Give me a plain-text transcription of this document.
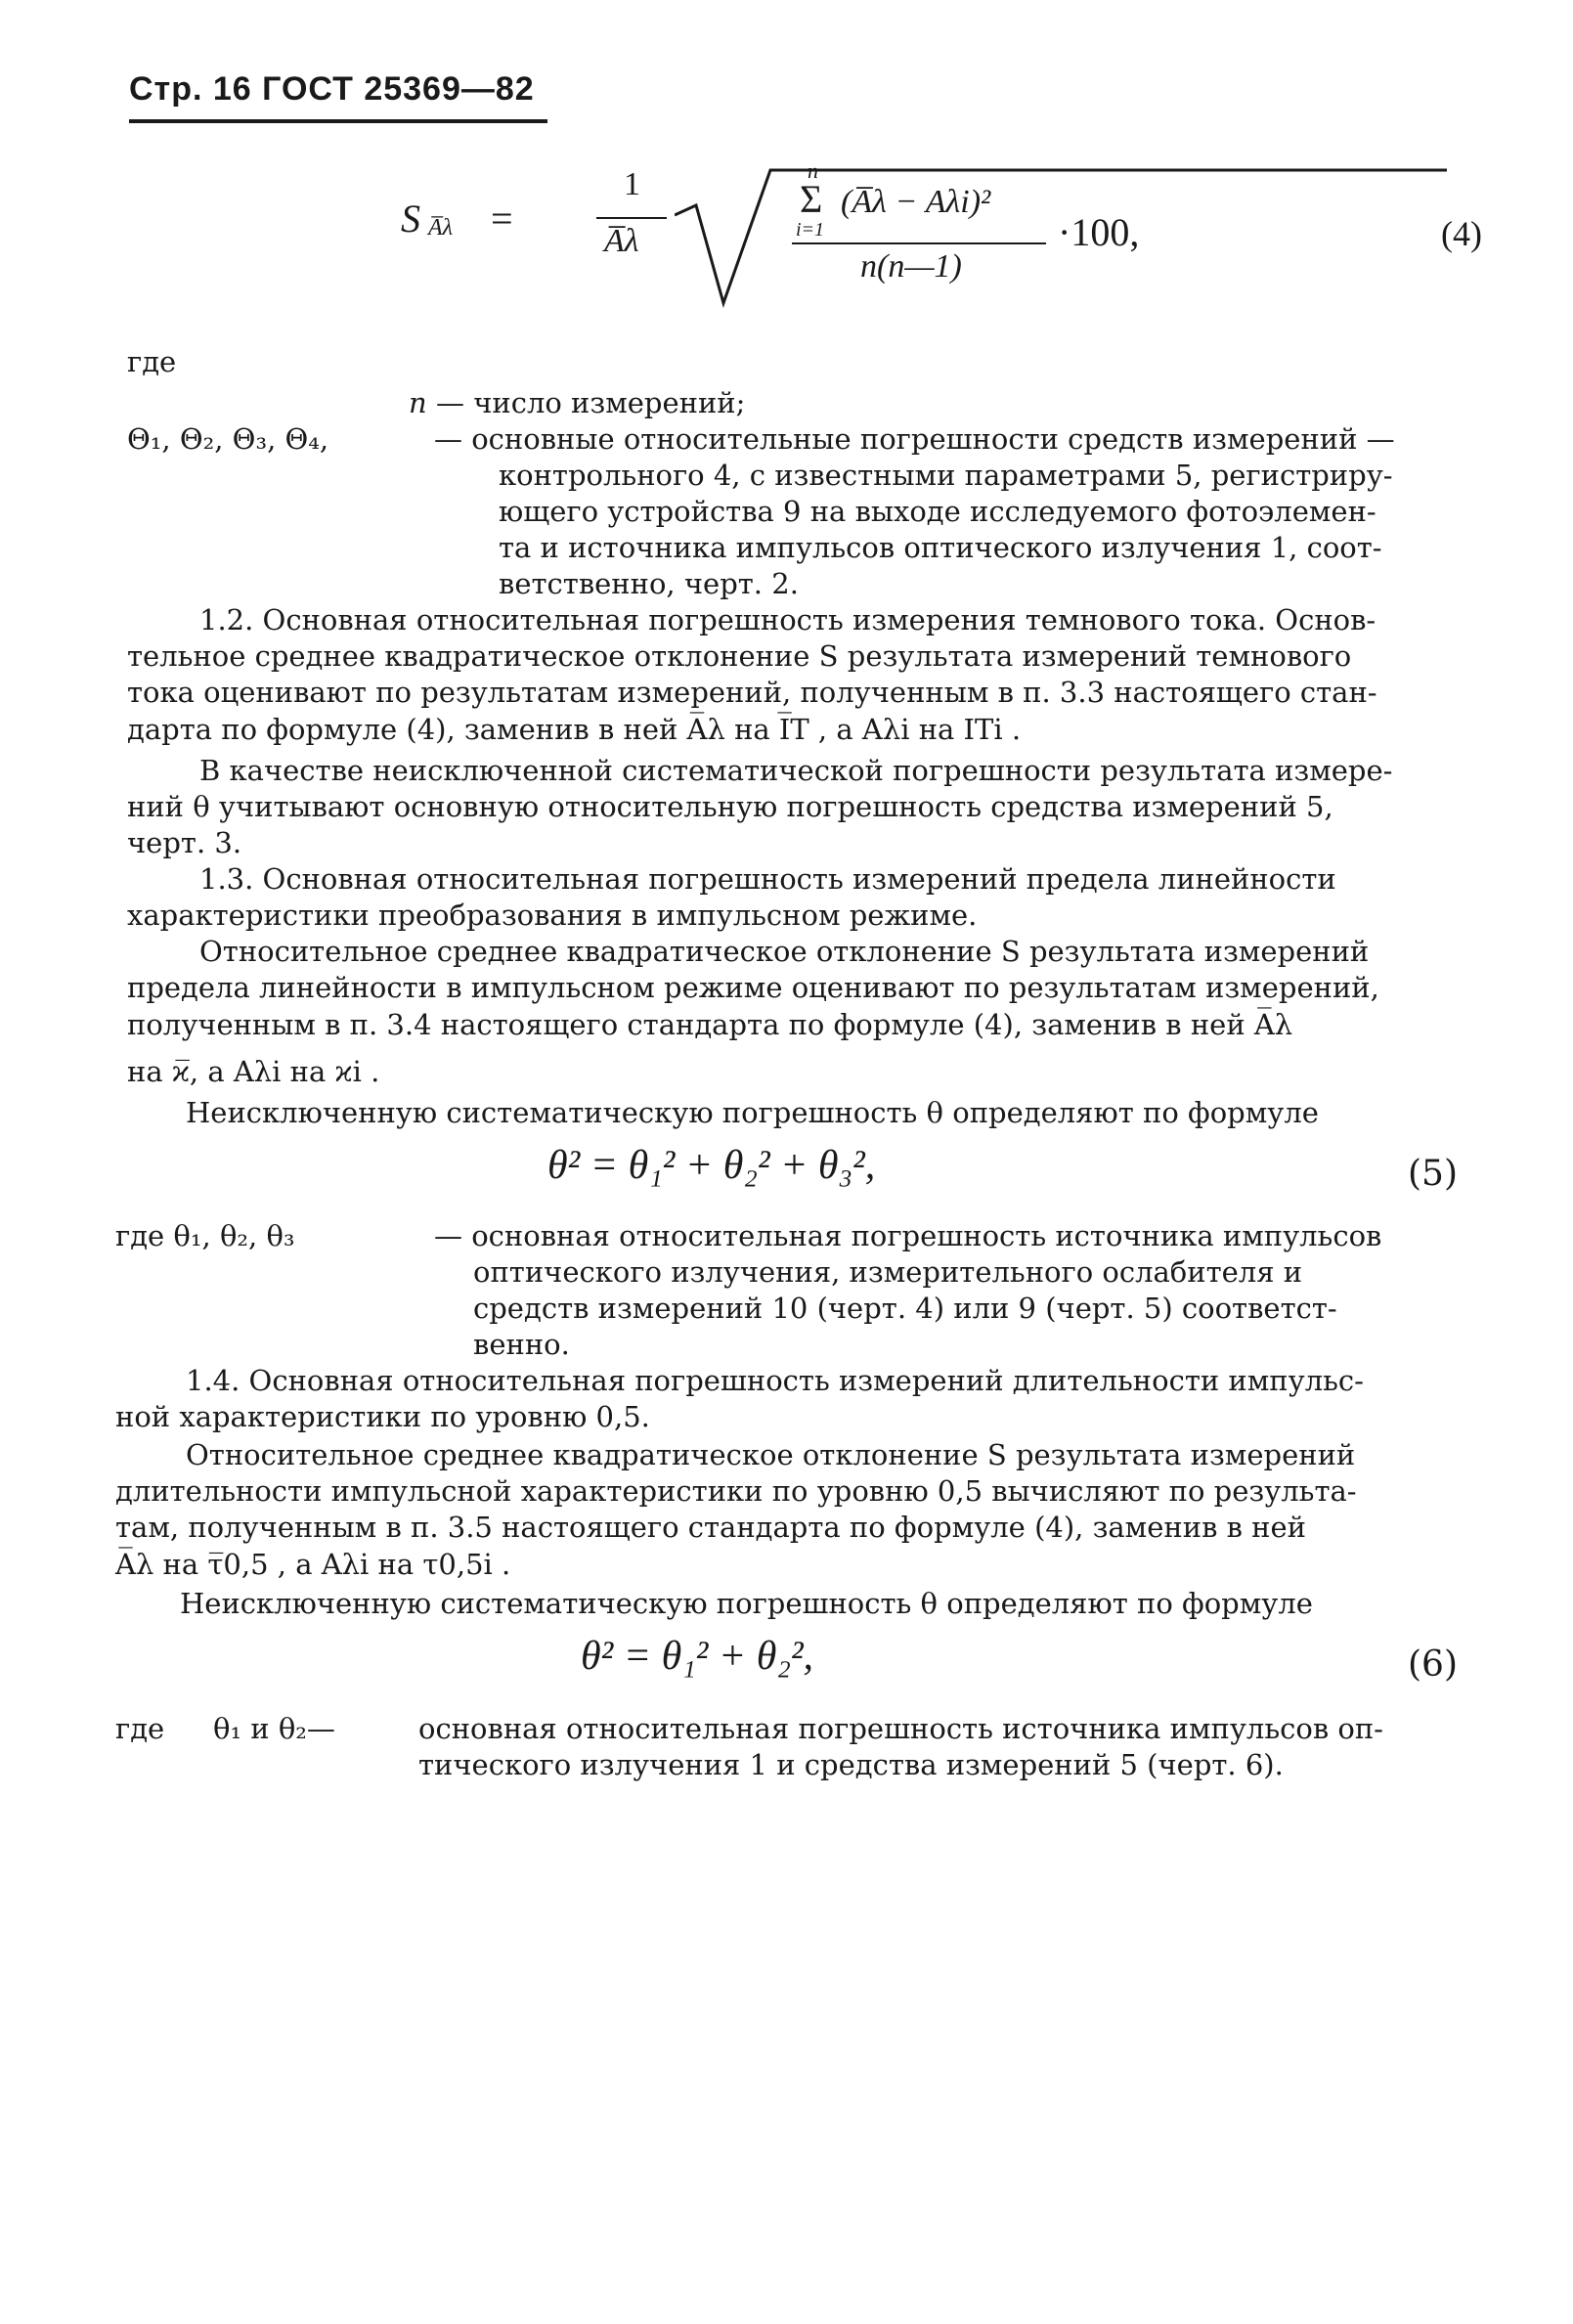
Стр. 16 ГОСТ 25369—82
S A̅λ =
1
A̅λ
n
Σ
i=1
(A̅λ − Aλi)²
n(n—1)
·100,	(4)
где
n — число измерений;
Θ₁, Θ₂, Θ₃, Θ₄,	— основные относительные погрешности средств измерений —
контрольного 4, с известными параметрами 5, регистриру-
ющего устройства 9 на выходе исследуемого фотоэлемен-
та и источника импульсов оптического излучения 1, соот-
ветственно, черт. 2.
1.2. Основная относительная погрешность измерения темнового тока. Основ-
тельное среднее квадратическое отклонение S результата измерений темнового
тока оценивают по результатам измерений, полученным в п. 3.3 настоящего стан-
дарта по формуле (4), заменив в ней A̅λ на I̅T , а Aλi на ITi .
В качестве неисключенной систематической погрешности результата измере-
ний θ учитывают основную относительную погрешность средства измерений 5,
черт. 3.
1.3. Основная относительная погрешность измерений предела линейности
характеристики преобразования в импульсном режиме.
Относительное среднее квадратическое отклонение S результата измерений
предела линейности в импульсном режиме оценивают по результатам измерений,
полученным в п. 3.4 настоящего стандарта по формуле (4), заменив в ней A̅λ
на ϰ̅, а Aλi на ϰi .
Неисключенную систематическую погрешность θ определяют по формуле
θ² = θ₁² + θ₂² + θ₃²,	(5)
где θ₁, θ₂, θ₃	— основная относительная погрешность источника импульсов
оптического излучения, измерительного ослабителя и
средств измерений 10 (черт. 4) или 9 (черт. 5) соответст-
венно.
1.4. Основная относительная погрешность измерений длительности импульс-
ной характеристики по уровню 0,5.
Относительное среднее квадратическое отклонение S результата измерений
длительности импульсной характеристики по уровню 0,5 вычисляют по результа-
там, полученным в п. 3.5 настоящего стандарта по формуле (4), заменив в ней
A̅λ на τ̅0,5 , а Aλi на τ0,5i .
Неисключенную систематическую погрешность θ определяют по формуле
θ² = θ₁² + θ₂²,	(6)
где θ₁ и θ₂—	основная относительная погрешность источника импульсов оп-
тического излучения 1 и средства измерений 5 (черт. 6).
